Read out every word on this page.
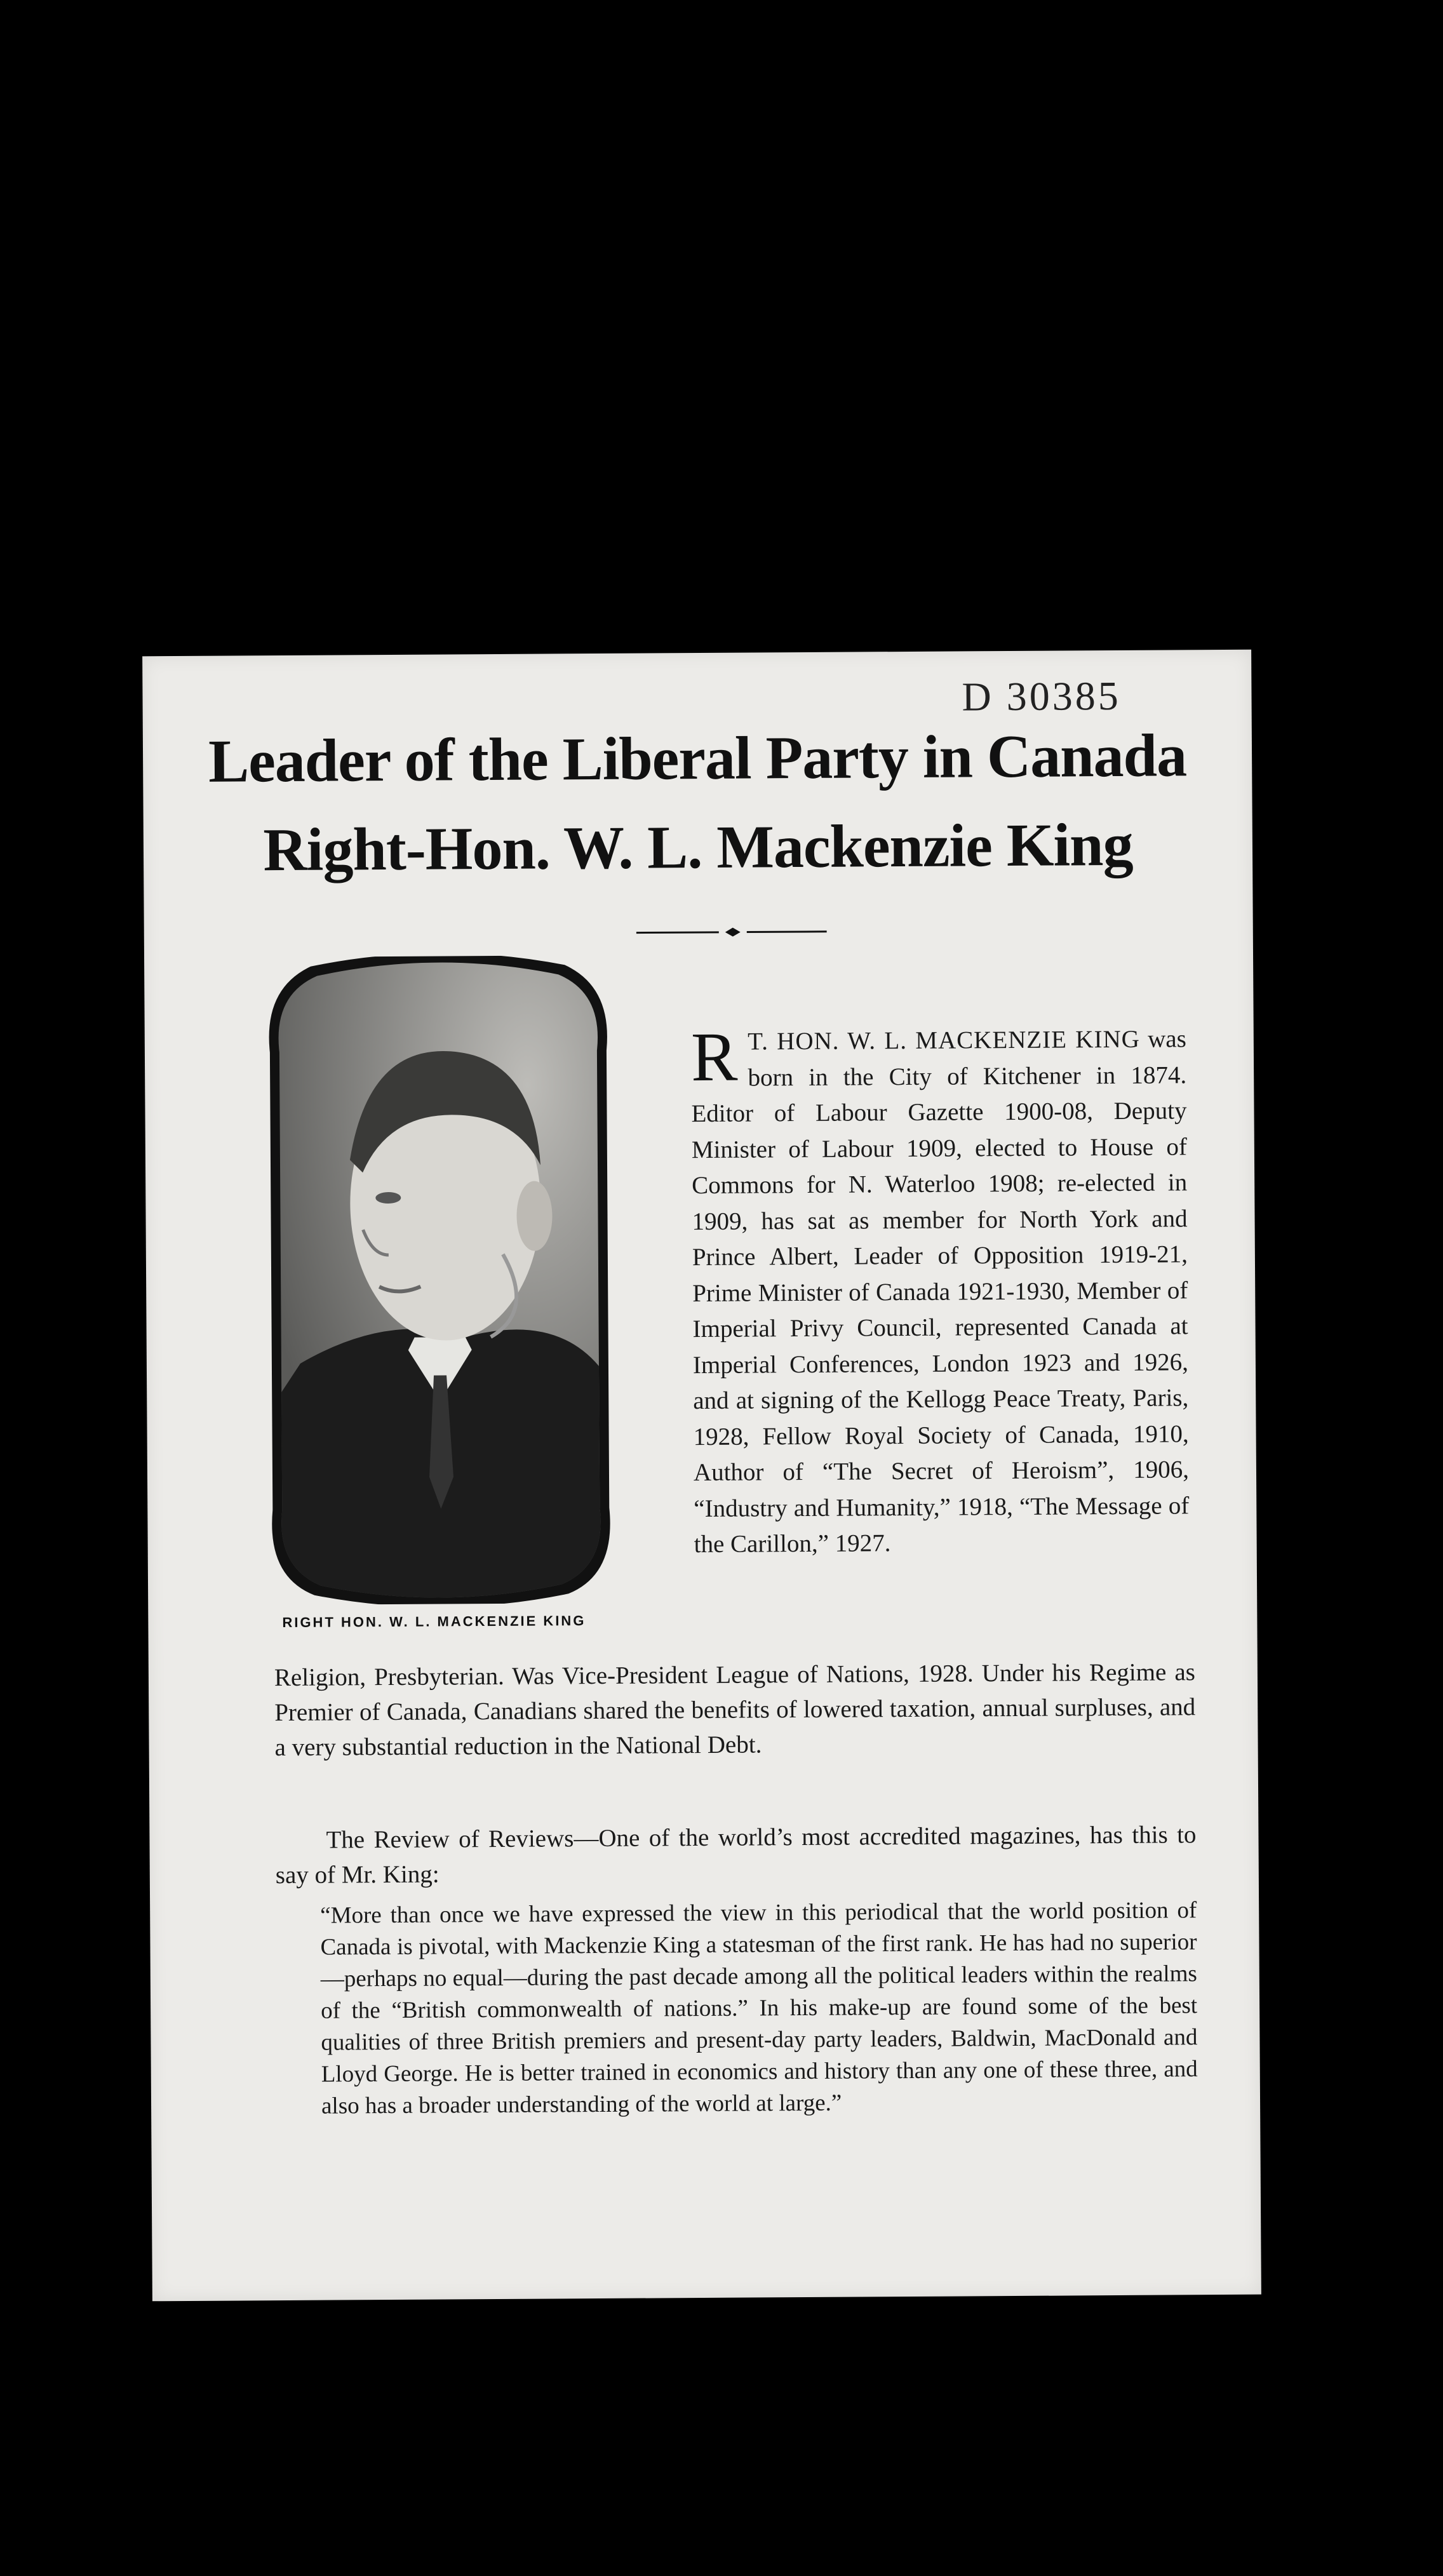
D 30385
Leader of the Liberal Party in Canada
Right-Hon. W. L. Mackenzie King
RIGHT HON. W. L. MACKENZIE KING
R T. HON. W. L. MACKENZIE KING was born in the City of Kitchener in 1874. Editor of Labour Gazette 1900-08, Deputy Minister of Labour 1909, elected to House of Commons for N. Waterloo 1908; re-elected in 1909, has sat as member for North York and Prince Albert, Leader of Opposition 1919-21, Prime Minister of Canada 1921-1930, Member of Imperial Privy Council, represented Canada at Imperial Conferences, London 1923 and 1926, and at signing of the Kellogg Peace Treaty, Paris, 1928, Fellow Royal Society of Canada, 1910, Author of “The Secret of Heroism”, 1906, “Industry and Humanity,” 1918, “The Message of the Carillon,” 1927.
Religion, Presbyterian. Was Vice-President League of Nations, 1928. Under his Regime as Premier of Canada, Canadians shared the benefits of lowered taxation, annual surpluses, and a very substantial reduction in the National Debt.
The Review of Reviews—One of the world’s most accredited magazines, has this to say of Mr. King:
“More than once we have expressed the view in this periodical that the world position of Canada is pivotal, with Mackenzie King a statesman of the first rank. He has had no superior—perhaps no equal—during the past decade among all the political leaders within the realms of the “British commonwealth of nations.” In his make-up are found some of the best qualities of three British premiers and present-day party leaders, Baldwin, MacDonald and Lloyd George. He is better trained in economics and history than any one of these three, and also has a broader understanding of the world at large.”
